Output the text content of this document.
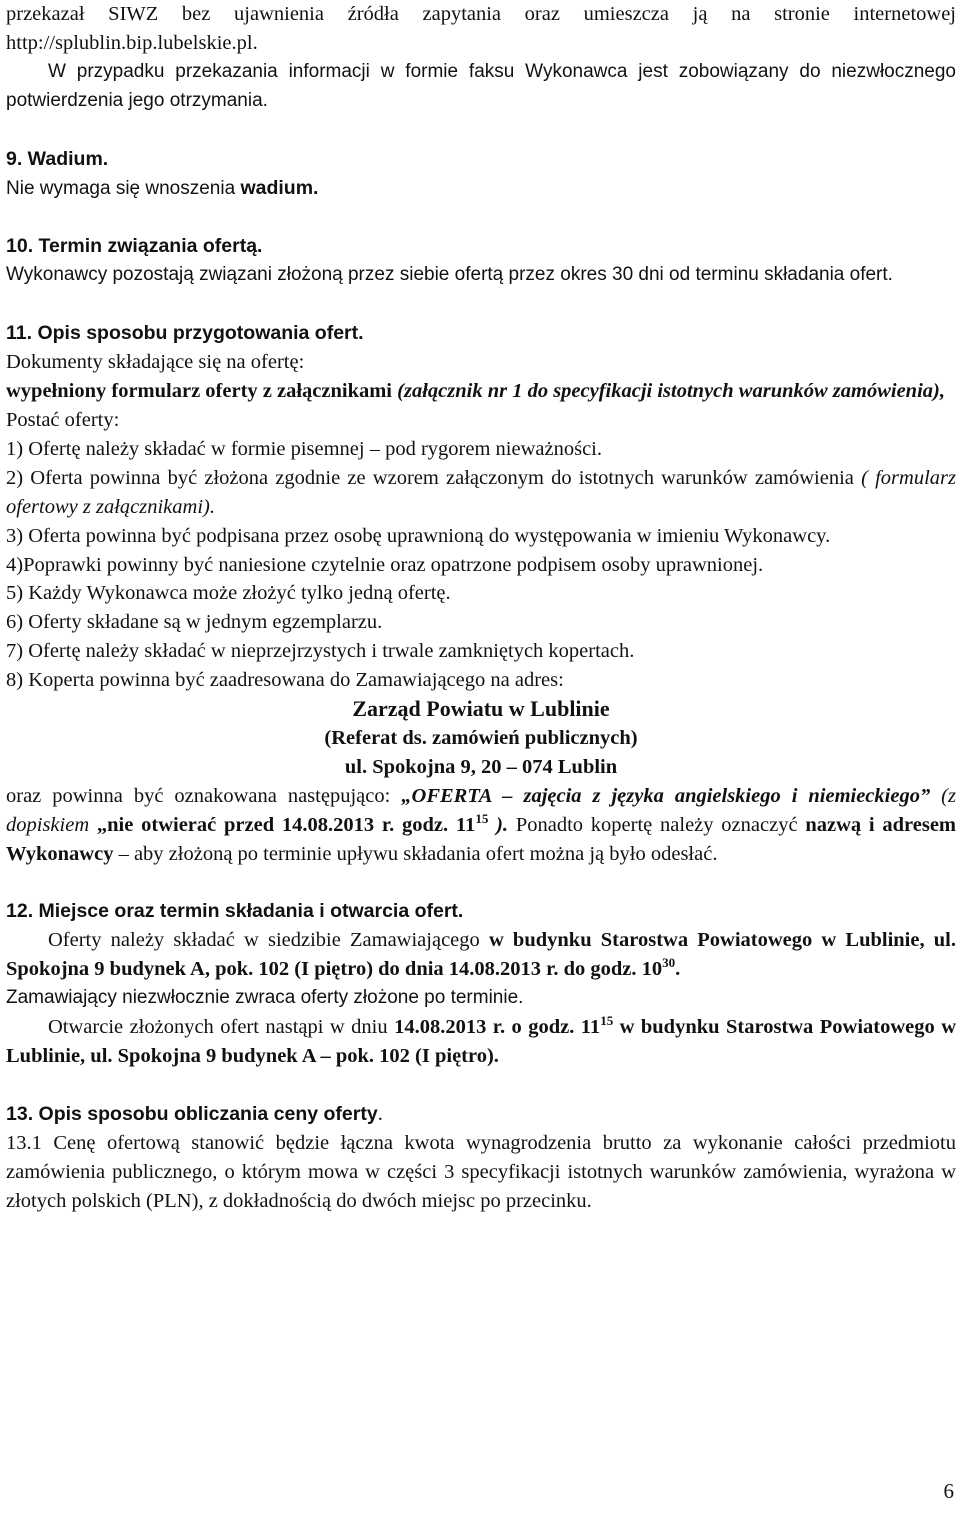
przekazał SIWZ bez ujawnienia źródła zapytania oraz umieszcza ją na stronie internetowej http://splublin.bip.lubelskie.pl.

W przypadku przekazania informacji w formie faksu Wykonawca jest zobowiązany do niezwłocznego potwierdzenia jego otrzymania.

9. Wadium.

Nie wymaga się wnoszenia wadium.

10. Termin związania ofertą.

Wykonawcy pozostają związani złożoną przez siebie ofertą przez okres 30 dni od terminu składania ofert.

11. Opis sposobu przygotowania ofert.

Dokumenty składające się na ofertę:

wypełniony formularz oferty z załącznikami (załącznik nr 1 do specyfikacji istotnych warunków zamówienia),

Postać oferty:

1) Ofertę należy składać w formie pisemnej – pod rygorem nieważności.

2) Oferta powinna być złożona zgodnie ze wzorem załączonym do istotnych warunków zamówienia ( formularz ofertowy z załącznikami).

3) Oferta powinna być podpisana przez osobę uprawnioną do występowania w imieniu Wykonawcy.

4)Poprawki powinny być naniesione czytelnie oraz opatrzone podpisem osoby uprawnionej.

5) Każdy Wykonawca może złożyć tylko jedną ofertę.

6) Oferty składane są w jednym egzemplarzu.

7) Ofertę należy składać w nieprzejrzystych i trwale zamkniętych kopertach.

8) Koperta powinna być zaadresowana do Zamawiającego na adres:

Zarząd Powiatu w Lublinie

(Referat ds. zamówień publicznych)

ul. Spokojna 9, 20 – 074 Lublin

oraz powinna być oznakowana następująco: „OFERTA – zajęcia z języka angielskiego i niemieckiego” (z dopiskiem „nie otwierać przed 14.08.2013 r. godz. $11^{15}$ ). Ponadto kopertę należy oznaczyć nazwą i adresem Wykonawcy – aby złożoną po terminie upływu składania ofert można ją było odesłać.

12. Miejsce oraz termin składania i otwarcia ofert.

Oferty należy składać w siedzibie Zamawiającego w budynku Starostwa Powiatowego w Lublinie, ul. Spokojna 9 budynek A, pok. 102 (I piętro) do dnia 14.08.2013 r. do godz. $10^{30}$.

Zamawiający niezwłocznie zwraca oferty złożone po terminie.

Otwarcie złożonych ofert nastąpi w dniu 14.08.2013 r. o godz. $11^{15}$ w budynku Starostwa Powiatowego w Lublinie, ul. Spokojna 9 budynek A – pok. 102 (I piętro).

13. Opis sposobu obliczania ceny oferty.

13.1 Cenę ofertową stanowić będzie łączna kwota wynagrodzenia brutto za wykonanie całości przedmiotu zamówienia publicznego, o którym mowa w części 3 specyfikacji istotnych warunków zamówienia, wyrażona w złotych polskich (PLN), z dokładnością do dwóch miejsc po przecinku.

6
